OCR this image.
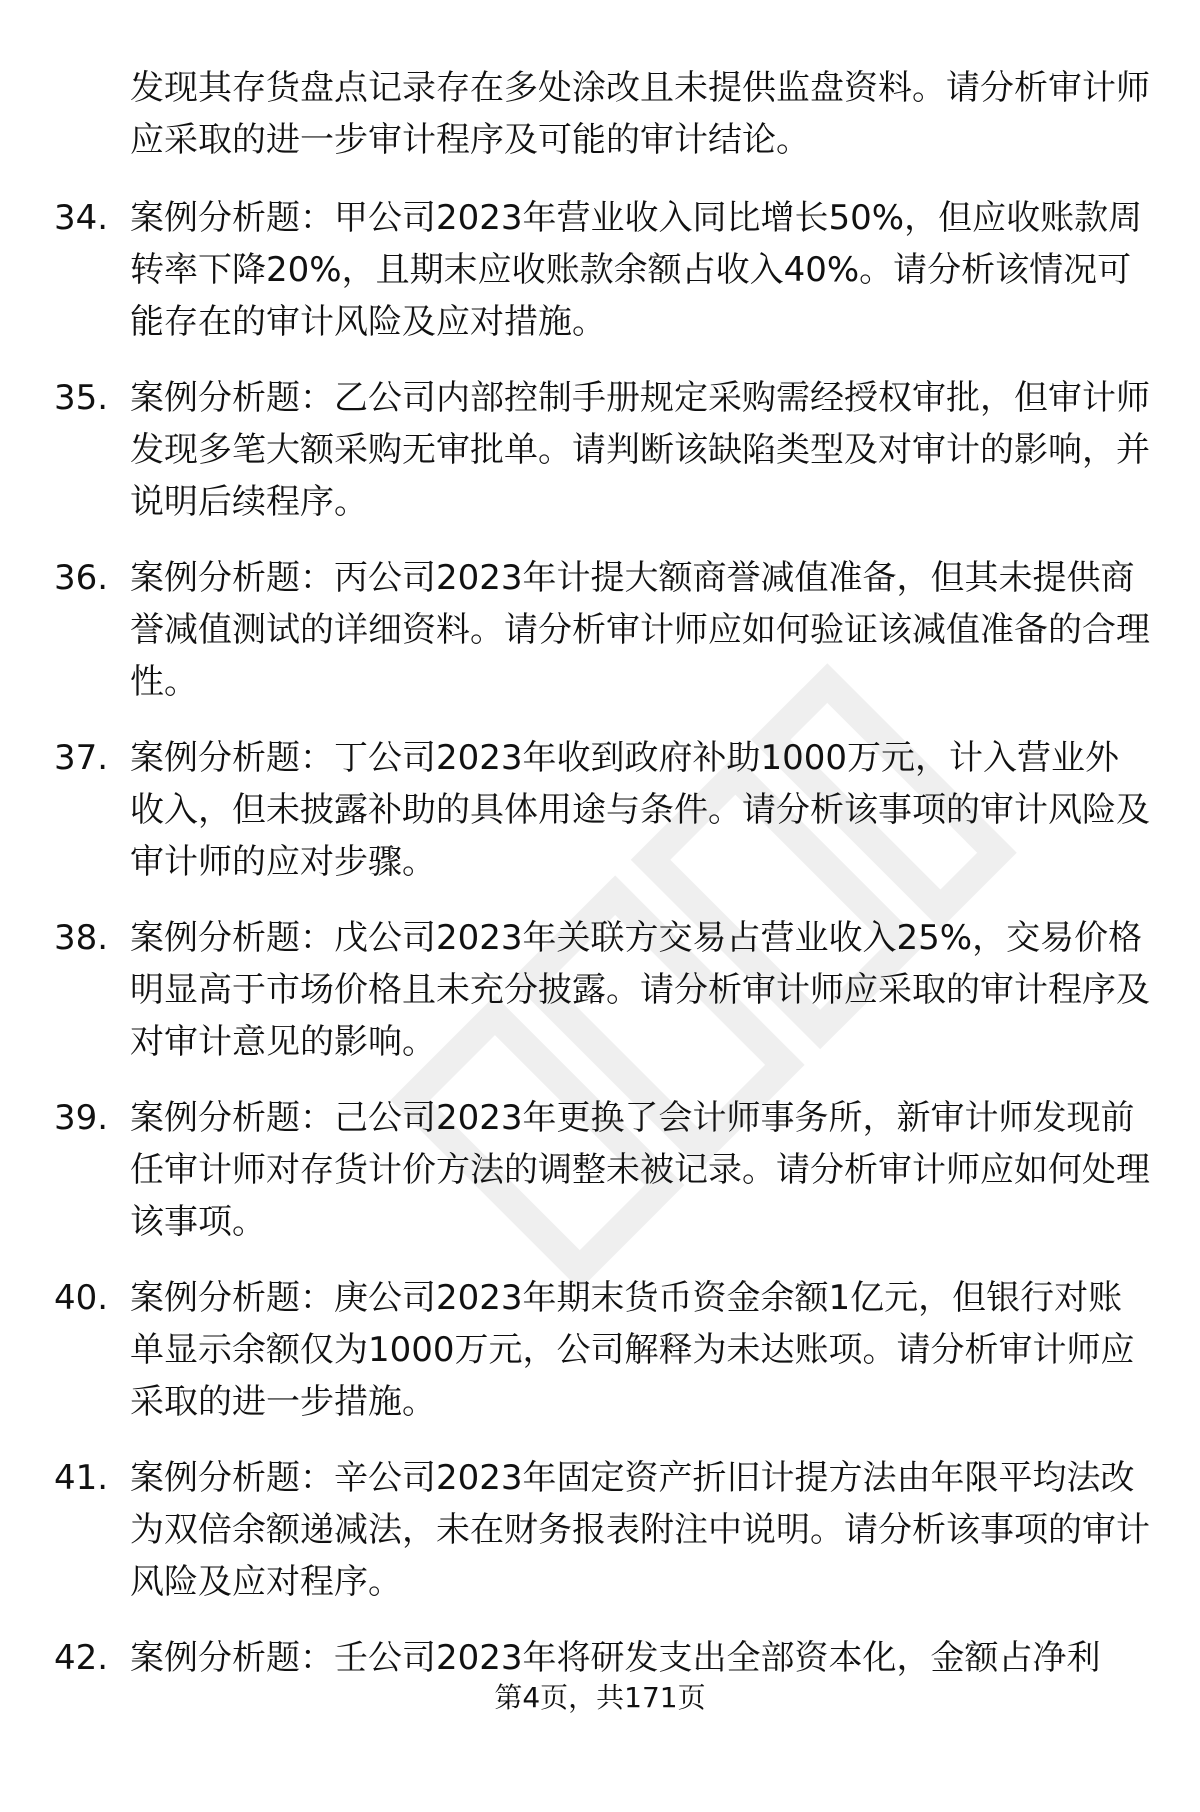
发现其存货盘点记录存在多处涂改且未提供监盘资料。请分析审计师应采取的进一步审计程序及可能的审计结论。
34. 案例分析题：甲公司2023年营业收入同比增长50%，但应收账款周转率下降20%，且期末应收账款余额占收入40%。请分析该情况可能存在的审计风险及应对措施。
35. 案例分析题：乙公司内部控制手册规定采购需经授权审批，但审计师发现多笔大额采购无审批单。请判断该缺陷类型及对审计的影响，并说明后续程序。
36. 案例分析题：丙公司2023年计提大额商誉减值准备，但其未提供商誉减值测试的详细资料。请分析审计师应如何验证该减值准备的合理性。
37. 案例分析题：丁公司2023年收到政府补助1000万元，计入营业外收入，但未披露补助的具体用途与条件。请分析该事项的审计风险及审计师的应对步骤。
38. 案例分析题：戊公司2023年关联方交易占营业收入25%，交易价格明显高于市场价格且未充分披露。请分析审计师应采取的审计程序及对审计意见的影响。
39. 案例分析题：己公司2023年更换了会计师事务所，新审计师发现前任审计师对存货计价方法的调整未被记录。请分析审计师应如何处理该事项。
40. 案例分析题：庚公司2023年期末货币资金余额1亿元，但银行对账单显示余额仅为1000万元，公司解释为未达账项。请分析审计师应采取的进一步措施。
41. 案例分析题：辛公司2023年固定资产折旧计提方法由年限平均法改为双倍余额递减法，未在财务报表附注中说明。请分析该事项的审计风险及应对程序。
42. 案例分析题：壬公司2023年将研发支出全部资本化，金额占净利
第4页，共171页
